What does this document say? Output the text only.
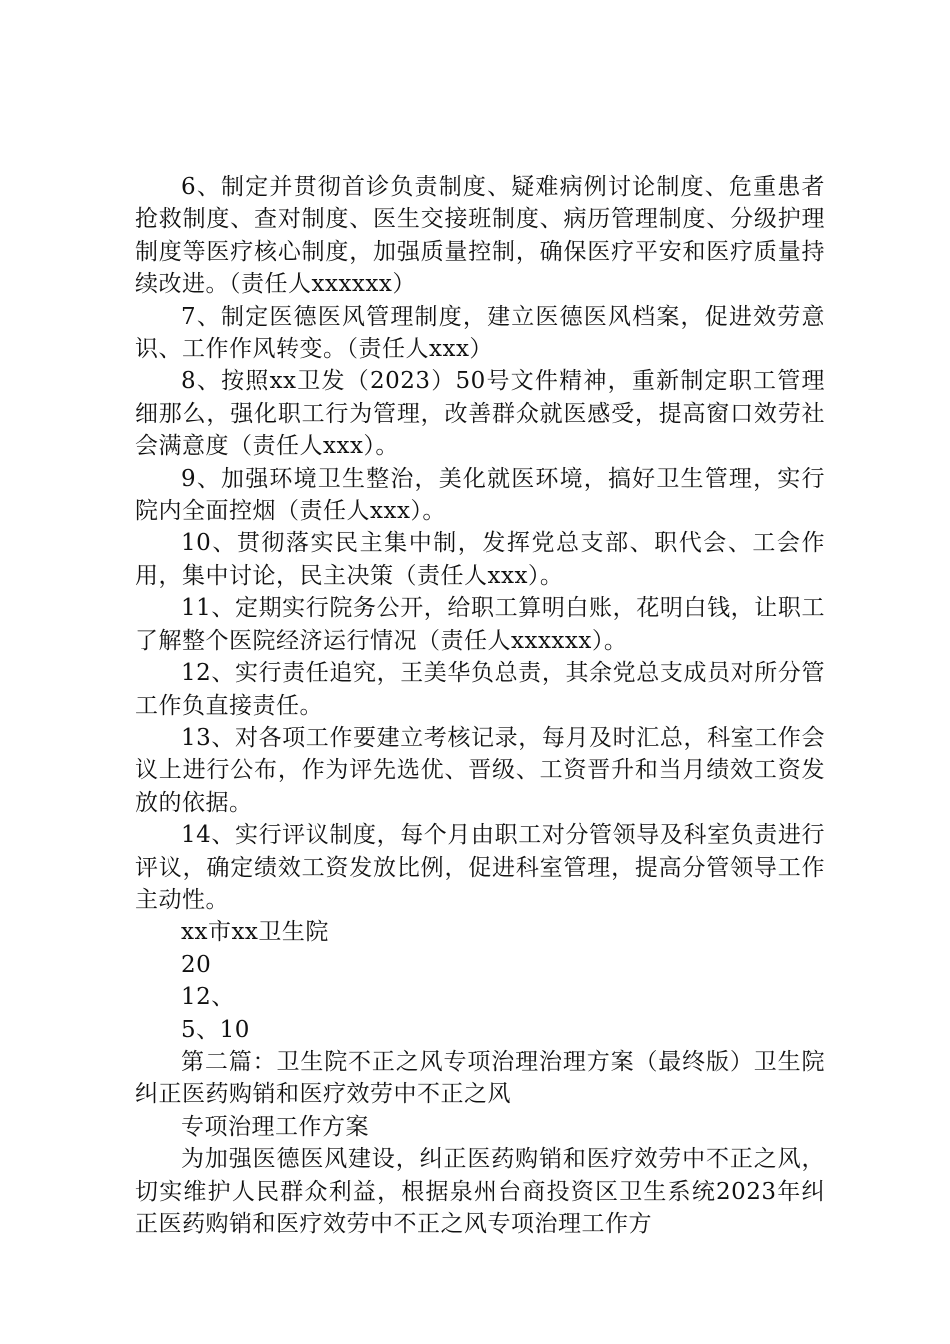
6、制定并贯彻首诊负责制度、疑难病例讨论制度、危重患者抢救制度、查对制度、医生交接班制度、病历管理制度、分级护理制度等医疗核心制度，加强质量控制，确保医疗平安和医疗质量持续改进。（责任人xxxxxx）

7、制定医德医风管理制度，建立医德医风档案，促进效劳意识、工作作风转变。（责任人xxx）

8、按照xx卫发（2023）50号文件精神，重新制定职工管理细那么，强化职工行为管理，改善群众就医感受，提高窗口效劳社会满意度（责任人xxx）。

9、加强环境卫生整治，美化就医环境，搞好卫生管理，实行院内全面控烟（责任人xxx）。

10、贯彻落实民主集中制，发挥党总支部、职代会、工会作用，集中讨论，民主决策（责任人xxx）。

11、定期实行院务公开，给职工算明白账，花明白钱，让职工了解整个医院经济运行情况（责任人xxxxxx）。

12、实行责任追究，王美华负总责，其余党总支成员对所分管工作负直接责任。

13、对各项工作要建立考核记录，每月及时汇总，科室工作会议上进行公布，作为评先选优、晋级、工资晋升和当月绩效工资发放的依据。

14、实行评议制度，每个月由职工对分管领导及科室负责进行评议，确定绩效工资发放比例，促进科室管理，提高分管领导工作主动性。

xx市xx卫生院

20

12、

5、10

第二篇：卫生院不正之风专项治理治理方案（最终版）卫生院纠正医药购销和医疗效劳中不正之风

专项治理工作方案

为加强医德医风建设，纠正医药购销和医疗效劳中不正之风，切实维护人民群众利益，根据泉州台商投资区卫生系统2023年纠正医药购销和医疗效劳中不正之风专项治理工作方
